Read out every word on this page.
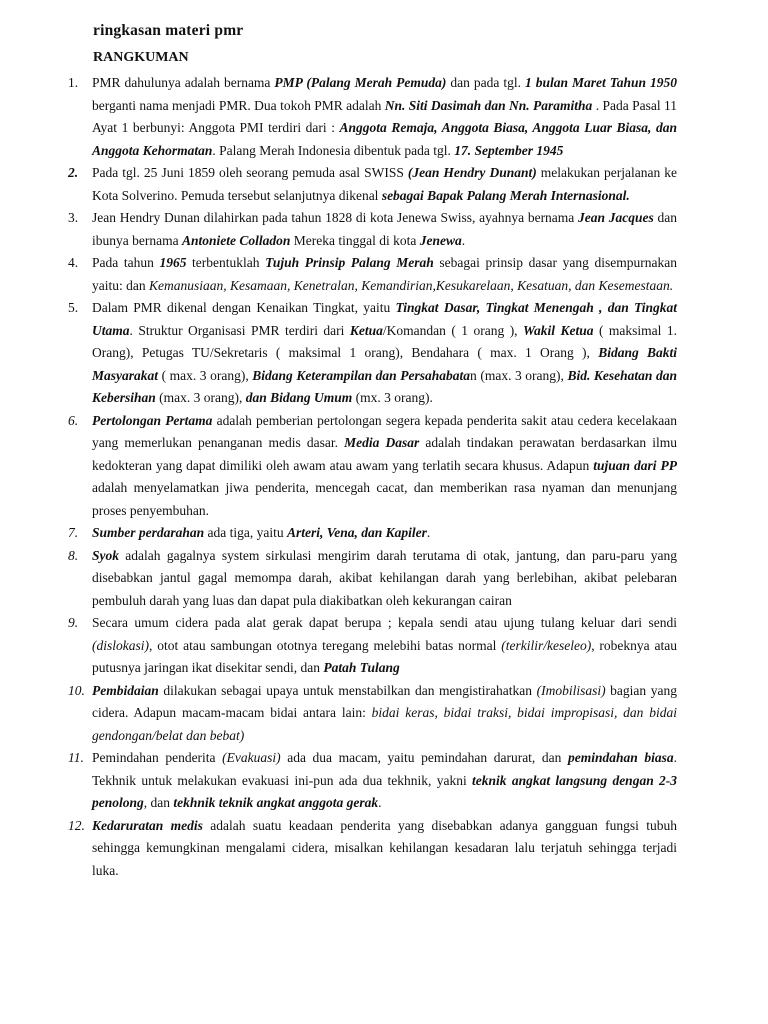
ringkasan materi pmr
RANGKUMAN
1. PMR dahulunya adalah bernama PMP (Palang Merah Pemuda) dan pada tgl. 1 bulan Maret Tahun 1950 berganti nama menjadi PMR. Dua tokoh PMR adalah Nn. Siti Dasimah dan Nn. Paramitha . Pada Pasal 11 Ayat 1 berbunyi: Anggota PMI terdiri dari : Anggota Remaja, Anggota Biasa, Anggota Luar Biasa, dan Anggota Kehormatan. Palang Merah Indonesia dibentuk pada tgl. 17. September 1945
2. Pada tgl. 25 Juni 1859 oleh seorang pemuda asal SWISS (Jean Hendry Dunant) melakukan perjalanan ke Kota Solverino. Pemuda tersebut selanjutnya dikenal sebagai Bapak Palang Merah Internasional.
3. Jean Hendry Dunan dilahirkan pada tahun 1828 di kota Jenewa Swiss, ayahnya bernama Jean Jacques dan ibunya bernama Antoniete Colladon Mereka tinggal di kota Jenewa.
4. Pada tahun 1965 terbentuklah Tujuh Prinsip Palang Merah sebagai prinsip dasar yang disempurnakan yaitu: dan Kemanusiaan, Kesamaan, Kenetralan, Kemandirian,Kesukarelaan, Kesatuan, dan Kesemestaan.
5. Dalam PMR dikenal dengan Kenaikan Tingkat, yaitu Tingkat Dasar, Tingkat Menengah , dan Tingkat Utama. Struktur Organisasi PMR terdiri dari Ketua/Komandan ( 1 orang ), Wakil Ketua ( maksimal 1. Orang), Petugas TU/Sekretaris ( maksimal 1 orang), Bendahara ( max. 1 Orang ), Bidang Bakti Masyarakat ( max. 3 orang), Bidang Keterampilan dan Persahabatan (max. 3 orang), Bid. Kesehatan dan Kebersihan (max. 3 orang), dan Bidang Umum (mx. 3 orang).
6. Pertolongan Pertama adalah pemberian pertolongan segera kepada penderita sakit atau cedera kecelakaan yang memerlukan penanganan medis dasar. Media Dasar adalah tindakan perawatan berdasarkan ilmu kedokteran yang dapat dimiliki oleh awam atau awam yang terlatih secara khusus. Adapun tujuan dari PP adalah menyelamatkan jiwa penderita, mencegah cacat, dan memberikan rasa nyaman dan menunjang proses penyembuhan.
7. Sumber perdarahan ada tiga, yaitu Arteri, Vena, dan Kapiler.
8. Syok adalah gagalnya system sirkulasi mengirim darah terutama di otak, jantung, dan paru-paru yang disebabkan jantul gagal memompa darah, akibat kehilangan darah yang berlebihan, akibat pelebaran pembuluh darah yang luas dan dapat pula diakibatkan oleh kekurangan cairan
9. Secara umum cidera pada alat gerak dapat berupa ; kepala sendi atau ujung tulang keluar dari sendi (dislokasi), otot atau sambungan ototnya teregang melebihi batas normal (terkilir/keseleo), robeknya atau putusnya jaringan ikat disekitar sendi, dan Patah Tulang
10. Pembidaian dilakukan sebagai upaya untuk menstabilkan dan mengistirahatkan (Imobilisasi) bagian yang cidera. Adapun macam-macam bidai antara lain: bidai keras, bidai traksi, bidai impropisasi, dan bidai gendongan/belat dan bebat)
11. Pemindahan penderita (Evakuasi) ada dua macam, yaitu pemindahan darurat, dan pemindahan biasa. Tekhnik untuk melakukan evakuasi ini-pun ada dua tekhnik, yakni teknik angkat langsung dengan 2-3 penolong, dan tekhnik teknik angkat anggota gerak.
12. Kedaruratan medis adalah suatu keadaan penderita yang disebabkan adanya gangguan fungsi tubuh sehingga kemungkinan mengalami cidera, misalkan kehilangan kesadaran lalu terjatuh sehingga terjadi luka.
